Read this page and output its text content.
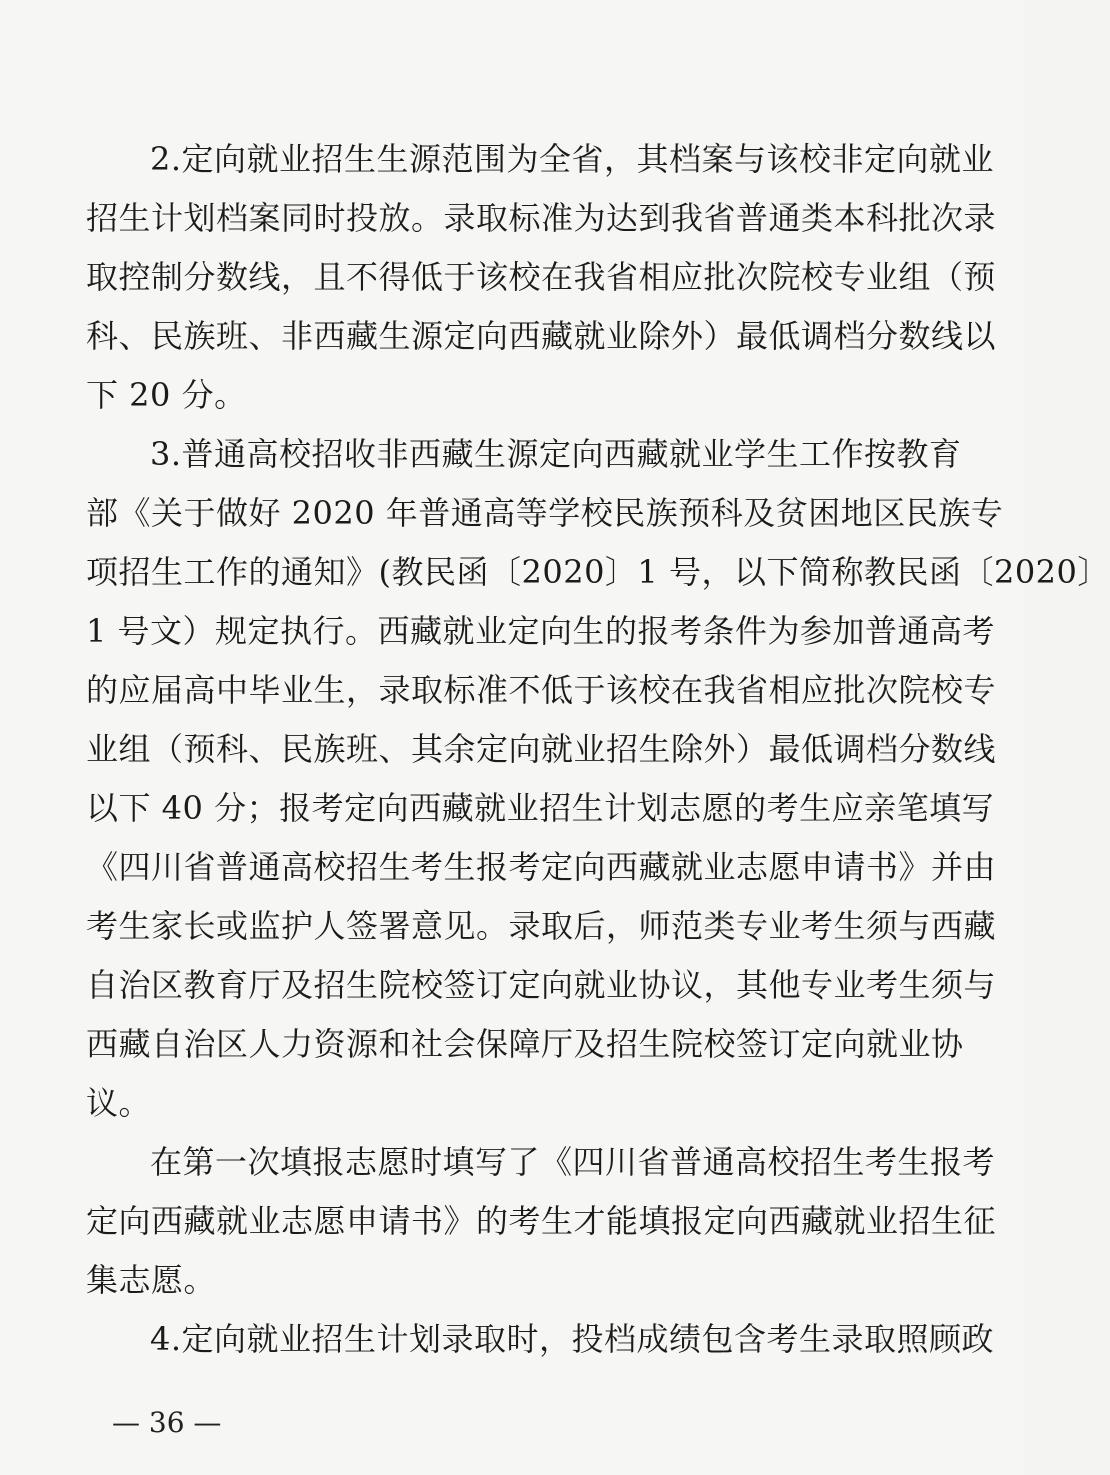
2.定向就业招生生源范围为全省，其档案与该校非定向就业
招生计划档案同时投放。录取标准为达到我省普通类本科批次录
取控制分数线，且不得低于该校在我省相应批次院校专业组（预
科、民族班、非西藏生源定向西藏就业除外）最低调档分数线以
下 20 分。
3.普通高校招收非西藏生源定向西藏就业学生工作按教育
部《关于做好 2020 年普通高等学校民族预科及贫困地区民族专
项招生工作的通知》(教民函〔2020〕1 号，以下简称教民函〔2020〕
1 号文）规定执行。西藏就业定向生的报考条件为参加普通高考
的应届高中毕业生，录取标准不低于该校在我省相应批次院校专
业组（预科、民族班、其余定向就业招生除外）最低调档分数线
以下 40 分；报考定向西藏就业招生计划志愿的考生应亲笔填写
《四川省普通高校招生考生报考定向西藏就业志愿申请书》并由
考生家长或监护人签署意见。录取后，师范类专业考生须与西藏
自治区教育厅及招生院校签订定向就业协议，其他专业考生须与
西藏自治区人力资源和社会保障厅及招生院校签订定向就业协
议。
在第一次填报志愿时填写了《四川省普通高校招生考生报考
定向西藏就业志愿申请书》的考生才能填报定向西藏就业招生征
集志愿。
4.定向就业招生计划录取时，投档成绩包含考生录取照顾政
— 36 —
